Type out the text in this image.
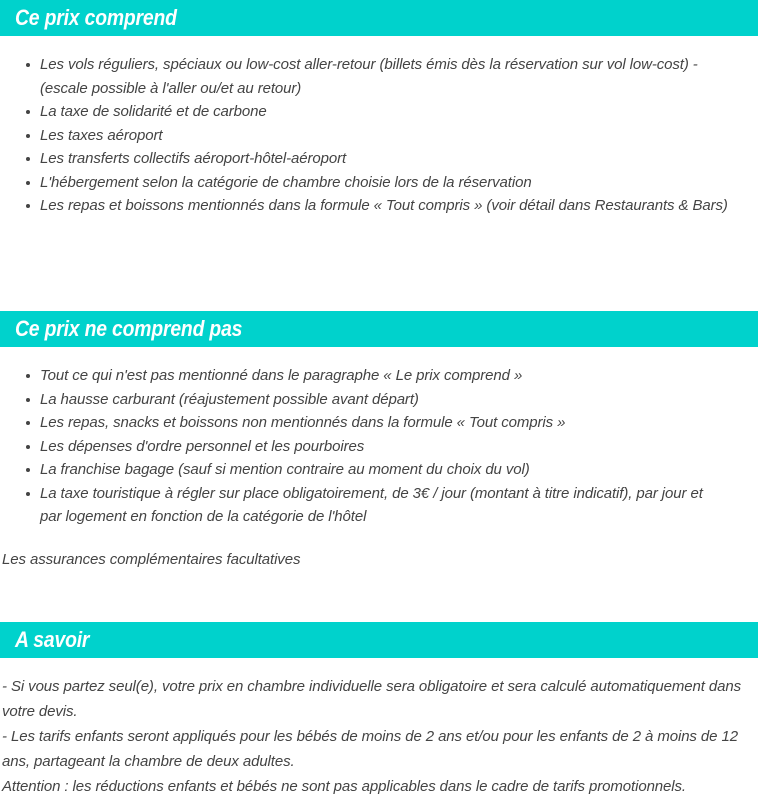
Ce prix comprend
Les vols réguliers, spéciaux ou low-cost aller-retour (billets émis dès la réservation sur vol low-cost) - (escale possible à l'aller ou/et au retour)
La taxe de solidarité et de carbone
Les taxes aéroport
Les transferts collectifs aéroport-hôtel-aéroport
L'hébergement selon la catégorie de chambre choisie lors de la réservation
Les repas et boissons mentionnés dans la formule « Tout compris » (voir détail dans Restaurants & Bars)
Ce prix ne comprend pas
Tout ce qui n'est pas mentionné dans le paragraphe « Le prix comprend »
La hausse carburant (réajustement possible avant départ)
Les repas, snacks et boissons non mentionnés dans la formule « Tout compris »
Les dépenses d'ordre personnel et les pourboires
La franchise bagage (sauf si mention contraire au moment du choix du vol)
La taxe touristique à régler sur place obligatoirement, de 3€ / jour (montant à titre indicatif), par jour et par logement en fonction de la catégorie de l'hôtel

Les assurances complémentaires facultatives

A savoir

- Si vous partez seul(e), votre prix en chambre individuelle sera obligatoire et sera calculé automatiquement dans votre devis.

- Les tarifs enfants seront appliqués pour les bébés de moins de 2 ans et/ou pour les enfants de 2 à moins de 12 ans, partageant la chambre de deux adultes.

Attention : les réductions enfants et bébés ne sont pas applicables dans le cadre de tarifs promotionnels.
